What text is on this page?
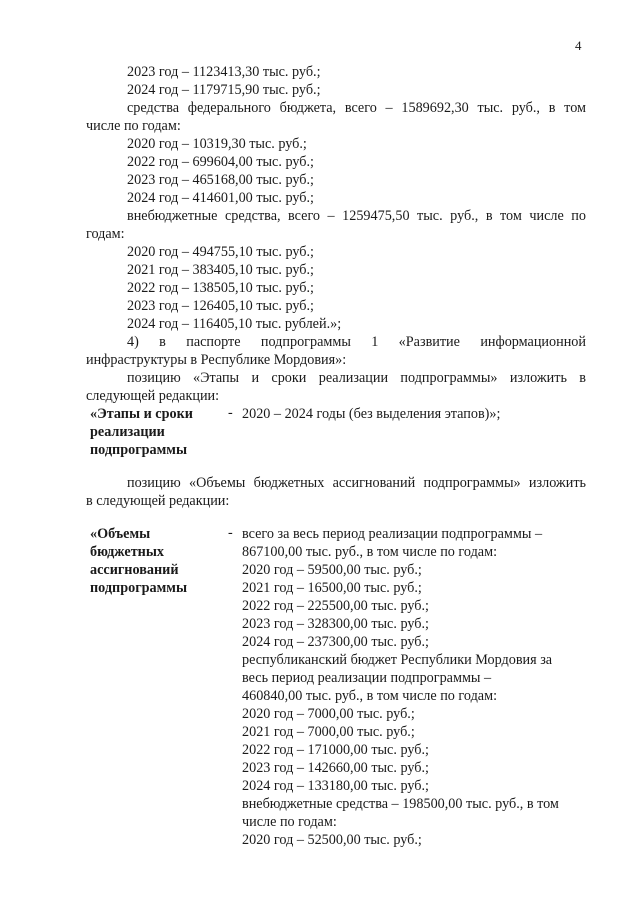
4
2023 год – 1123413,30 тыс. руб.;
2024 год – 1179715,90 тыс. руб.;
средства федерального бюджета, всего – 1589692,30 тыс. руб., в том
числе по годам:
2020 год – 10319,30 тыс. руб.;
2022 год – 699604,00 тыс. руб.;
2023 год – 465168,00 тыс. руб.;
2024 год – 414601,00 тыс. руб.;
внебюджетные средства, всего – 1259475,50 тыс. руб., в том числе по
годам:
2020 год – 494755,10 тыс. руб.;
2021 год – 383405,10 тыс. руб.;
2022 год – 138505,10 тыс. руб.;
2023 год – 126405,10 тыс. руб.;
2024 год – 116405,10 тыс. рублей.»;
4) в паспорте подпрограммы 1 «Развитие информационной
инфраструктуры в Республике Мордовия»:
позицию «Этапы и сроки реализации подпрограммы» изложить в
следующей редакции:
«Этапы и сроки
реализации
подпрограммы
- 2020 – 2024 годы (без выделения этапов)»;
позицию «Объемы бюджетных ассигнований подпрограммы» изложить
в следующей редакции:
«Объемы
бюджетных
ассигнований
подпрограммы
- всего за весь период реализации подпрограммы –
867100,00 тыс. руб., в том числе по годам:
2020 год – 59500,00 тыс. руб.;
2021 год – 16500,00 тыс. руб.;
2022 год – 225500,00 тыс. руб.;
2023 год – 328300,00 тыс. руб.;
2024 год – 237300,00 тыс. руб.;
республиканский бюджет Республики Мордовия за
весь период реализации подпрограммы –
460840,00 тыс. руб., в том числе по годам:
2020 год – 7000,00 тыс. руб.;
2021 год – 7000,00 тыс. руб.;
2022 год – 171000,00 тыс. руб.;
2023 год – 142660,00 тыс. руб.;
2024 год – 133180,00 тыс. руб.;
внебюджетные средства – 198500,00 тыс. руб., в том
числе по годам:
2020 год – 52500,00 тыс. руб.;
